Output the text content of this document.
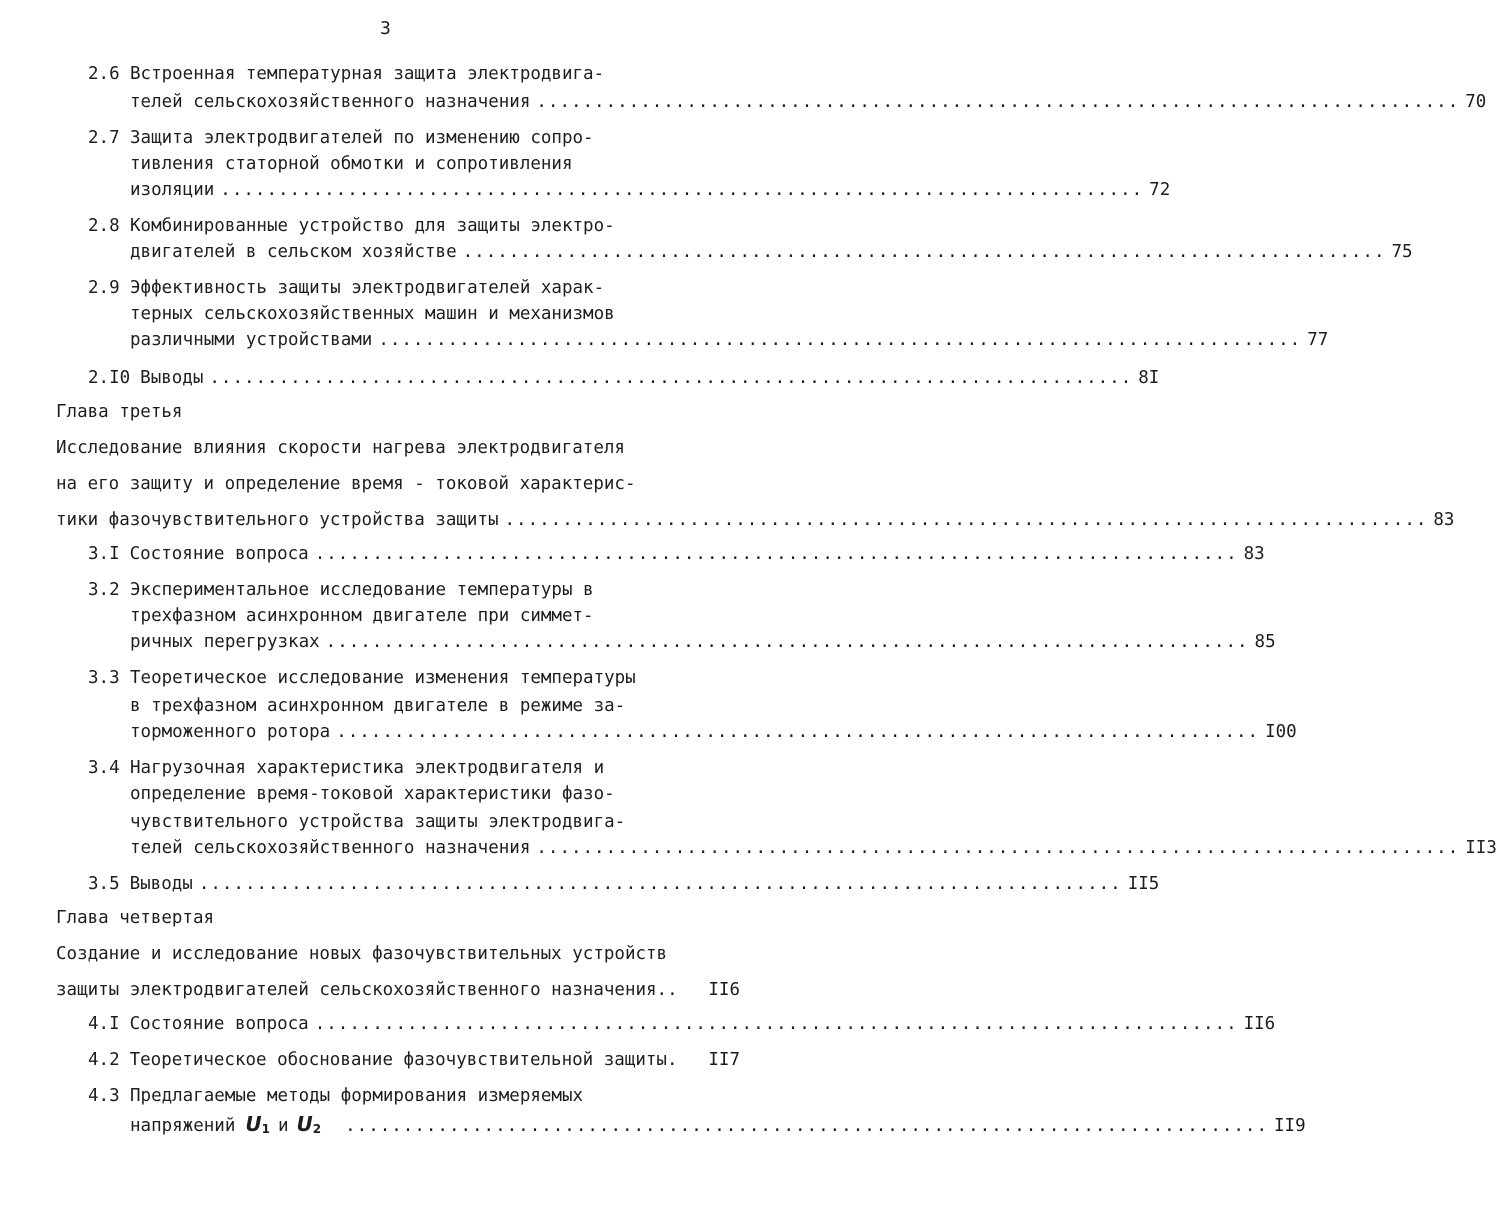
3
2.6 Встроенная температурная защита электродвига-
телей сельскохозяйственного назначения ................................................................................ 70
2.7 Защита электродвигателей по изменению сопро-
тивления статорной обмотки и сопротивления
изоляции ................................................................................ 72
2.8 Комбинированные устройство для защиты электро-
двигателей в сельском хозяйстве ................................................................................ 75
2.9 Эффективность защиты электродвигателей харак-
терных сельскохозяйственных машин и механизмов
различными устройствами ................................................................................ 77
2.I0 Выводы ................................................................................ 8I
Глава третья
Исследование влияния скорости нагрева электродвигателя
на его защиту и определение время - токовой характерис-
тики фазочувствительного устройства защиты ................................................................................ 83
3.I Состояние вопроса ................................................................................ 83
3.2 Экспериментальное исследование температуры в
трехфазном асинхронном двигателе при симмет-
ричных перегрузках ................................................................................ 85
3.3 Теоретическое исследование изменения температуры
в трехфазном асинхронном двигателе в режиме за-
торможенного ротора ................................................................................ I00
3.4 Нагрузочная характеристика электродвигателя и
определение время-токовой характеристики фазо-
чувствительного устройства защиты электродвига-
телей сельскохозяйственного назначения ................................................................................ II3
3.5 Выводы ................................................................................ II5
Глава четвертая
Создание и исследование новых фазочувствительных устройств
защиты электродвигателей сельскохозяйственного назначения.. II6
4.I Состояние вопроса ................................................................................ II6
4.2 Теоретическое обоснование фазочувствительной защиты. II7
4.3 Предлагаемые методы формирования измеряемых
напряжений $U_1$ и $U_2$ ................................................................................ II9
